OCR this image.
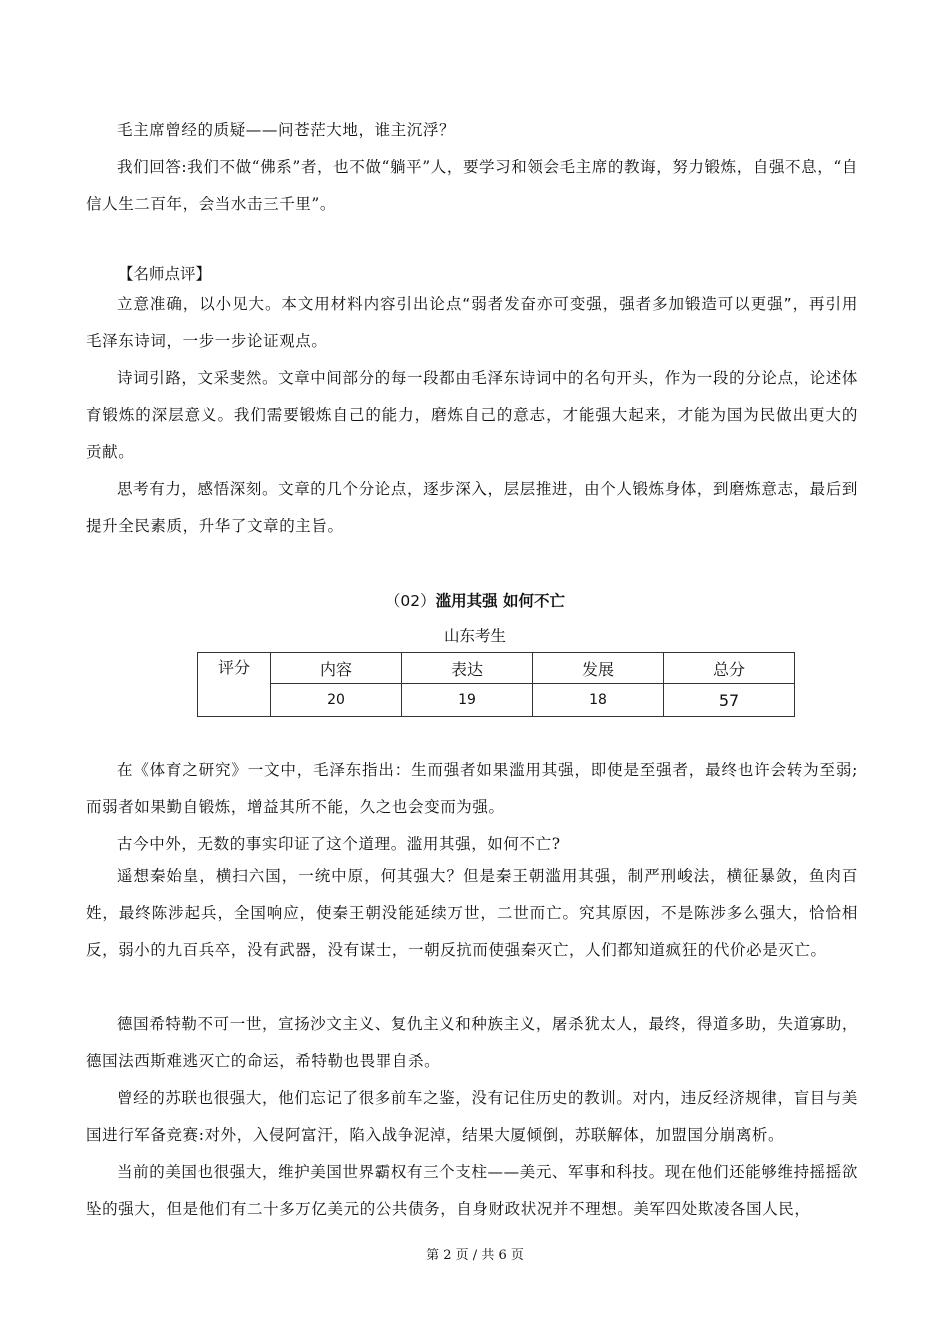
毛主席曾经的质疑——问苍茫大地，谁主沉浮？

我们回答:我们不做“佛系”者，也不做“躺平”人，要学习和领会毛主席的教诲，努力锻炼，自强不息，“自信人生二百年，会当水击三千里”。

【名师点评】

立意准确，以小见大。本文用材料内容引出论点“弱者发奋亦可变强，强者多加锻造可以更强”，再引用毛泽东诗词，一步一步论证观点。

诗词引路，文采斐然。文章中间部分的每一段都由毛泽东诗词中的名句开头，作为一段的分论点，论述体育锻炼的深层意义。我们需要锻炼自己的能力，磨炼自己的意志，才能强大起来，才能为国为民做出更大的贡献。

思考有力，感悟深刻。文章的几个分论点，逐步深入，层层推进，由个人锻炼身体，到磨炼意志，最后到提升全民素质，升华了文章的主旨。

（02）滥用其强 如何不亡

山东考生

评分	内容	表达	发展	总分
	20	19	18	57

在《体育之研究》一文中，毛泽东指出：生而强者如果滥用其强，即使是至强者，最终也许会转为至弱;而弱者如果勤自锻炼，增益其所不能，久之也会变而为强。

古今中外，无数的事实印证了这个道理。滥用其强，如何不亡?

遥想秦始皇，横扫六国，一统中原，何其强大？但是秦王朝滥用其强，制严刑峻法，横征暴敛，鱼肉百姓，最终陈涉起兵，全国响应，使秦王朝没能延续万世，二世而亡。究其原因，不是陈涉多么强大，恰恰相反，弱小的九百兵卒，没有武器，没有谋士，一朝反抗而使强秦灭亡，人们都知道疯狂的代价必是灭亡。

德国希特勒不可一世，宣扬沙文主义、复仇主义和种族主义，屠杀犹太人，最终，得道多助，失道寡助，德国法西斯难逃灭亡的命运，希特勒也畏罪自杀。

曾经的苏联也很强大，他们忘记了很多前车之鉴，没有记住历史的教训。对内，违反经济规律，盲目与美国进行军备竞赛:对外，入侵阿富汗，陷入战争泥淖，结果大厦倾倒，苏联解体，加盟国分崩离析。

当前的美国也很强大，维护美国世界霸权有三个支柱——美元、军事和科技。现在他们还能够维持摇摇欲坠的强大，但是他们有二十多万亿美元的公共债务，自身财政状况并不理想。美军四处欺凌各国人民，

第 2 页 / 共 6 页
